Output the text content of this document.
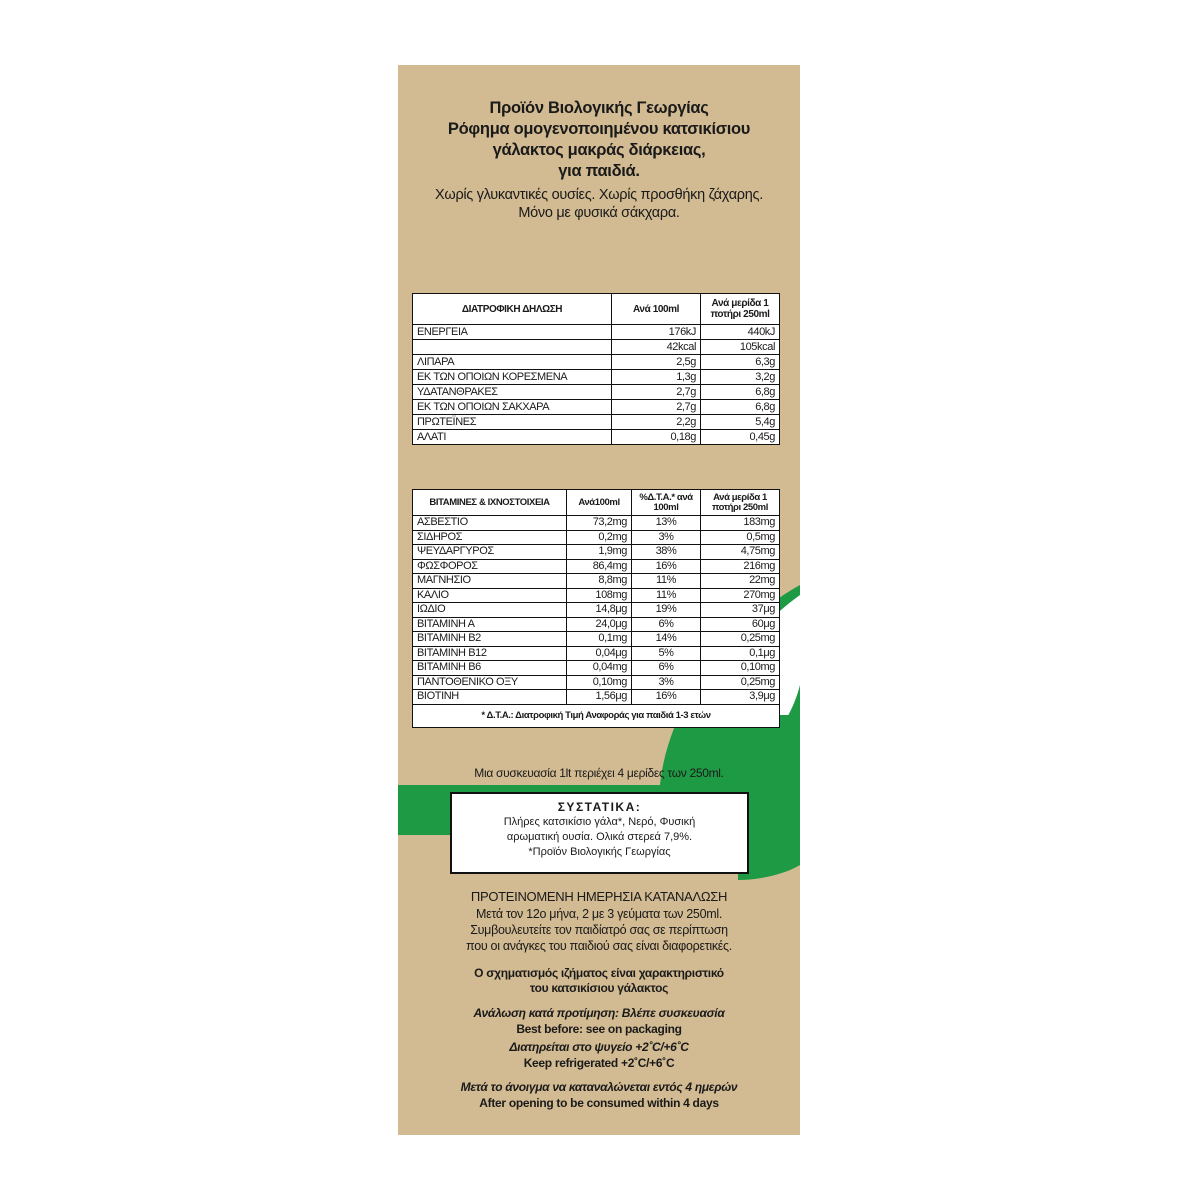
Προϊόν Βιολογικής Γεωργίας
Ρόφημα ομογενοποιημένου κατσικίσιου
γάλακτος μακράς διάρκειας,
για παιδιά.
Χωρίς γλυκαντικές ουσίες. Χωρίς προσθήκη ζάχαρης.
Μόνο με φυσικά σάκχαρα.
ΔΙΑΤΡΟΦΙΚΗ ΔΗΛΩΣΗ	Ανά 100ml	Ανά μερίδα 1 ποτήρι 250ml
ΕΝΕΡΓΕΙΑ	176kJ	440kJ
	42kcal	105kcal
ΛΙΠΑΡΑ	2,5g	6,3g
ΕΚ ΤΩΝ ΟΠΟΙΩΝ ΚΟΡΕΣΜΕΝΑ	1,3g	3,2g
ΥΔΑΤΑΝΘΡΑΚΕΣ	2,7g	6,8g
ΕΚ ΤΩΝ ΟΠΟΙΩΝ ΣΑΚΧΑΡΑ	2,7g	6,8g
ΠΡΩΤΕΪΝΕΣ	2,2g	5,4g
ΑΛΑΤΙ	0,18g	0,45g
ΒΙΤΑΜΙΝΕΣ & ΙΧΝΟΣΤΟΙΧΕΙΑ	Ανά100ml	%Δ.Τ.Α.* ανά 100ml	Ανά μερίδα 1 ποτήρι 250ml
ΑΣΒΕΣΤΙΟ	73,2mg	13%	183mg
ΣΙΔΗΡΟΣ	0,2mg	3%	0,5mg
ΨΕΥΔΑΡΓΥΡΟΣ	1,9mg	38%	4,75mg
ΦΩΣΦΟΡΟΣ	86,4mg	16%	216mg
ΜΑΓΝΗΣΙΟ	8,8mg	11%	22mg
ΚΑΛΙΟ	108mg	11%	270mg
ΙΩΔΙΟ	14,8μg	19%	37μg
ΒΙΤΑΜΙΝΗ Α	24,0μg	6%	60μg
ΒΙΤΑΜΙΝΗ Β2	0,1mg	14%	0,25mg
ΒΙΤΑΜΙΝΗ Β12	0,04μg	5%	0,1μg
ΒΙΤΑΜΙΝΗ Β6	0,04mg	6%	0,10mg
ΠΑΝΤΟΘΕΝΙΚΟ ΟΞΥ	0,10mg	3%	0,25mg
ΒΙΟΤΙΝΗ	1,56μg	16%	3,9μg
* Δ.Τ.Α.: Διατροφική Τιμή Αναφοράς για παιδιά 1-3 ετών			
Μια συσκευασία 1lt περιέχει 4 μερίδες των 250ml.
ΣΥΣΤΑΤΙΚΑ:
Πλήρες κατσικίσιο γάλα*, Νερό, Φυσική
αρωματική ουσία. Ολικά στερεά 7,9%.
*Προϊόν Βιολογικής Γεωργίας
ΠΡΟΤΕΙΝΟΜΕΝΗ ΗΜΕΡΗΣΙΑ ΚΑΤΑΝΑΛΩΣΗ
Μετά τον 12ο μήνα, 2 με 3 γεύματα των 250ml.
Συμβουλευτείτε τον παιδίατρό σας σε περίπτωση
που οι ανάγκες του παιδιού σας είναι διαφορετικές.
Ο σχηματισμός ιζήματος είναι χαρακτηριστικό
του κατσικίσιου γάλακτος
Ανάλωση κατά προτίμηση: Βλέπε συσκευασία
Best before: see on packaging
Διατηρείται στο ψυγείο +2˚C/+6˚C
Keep refrigerated +2˚C/+6˚C
Μετά το άνοιγμα να καταναλώνεται εντός 4 ημερών
After opening to be consumed within 4 days
